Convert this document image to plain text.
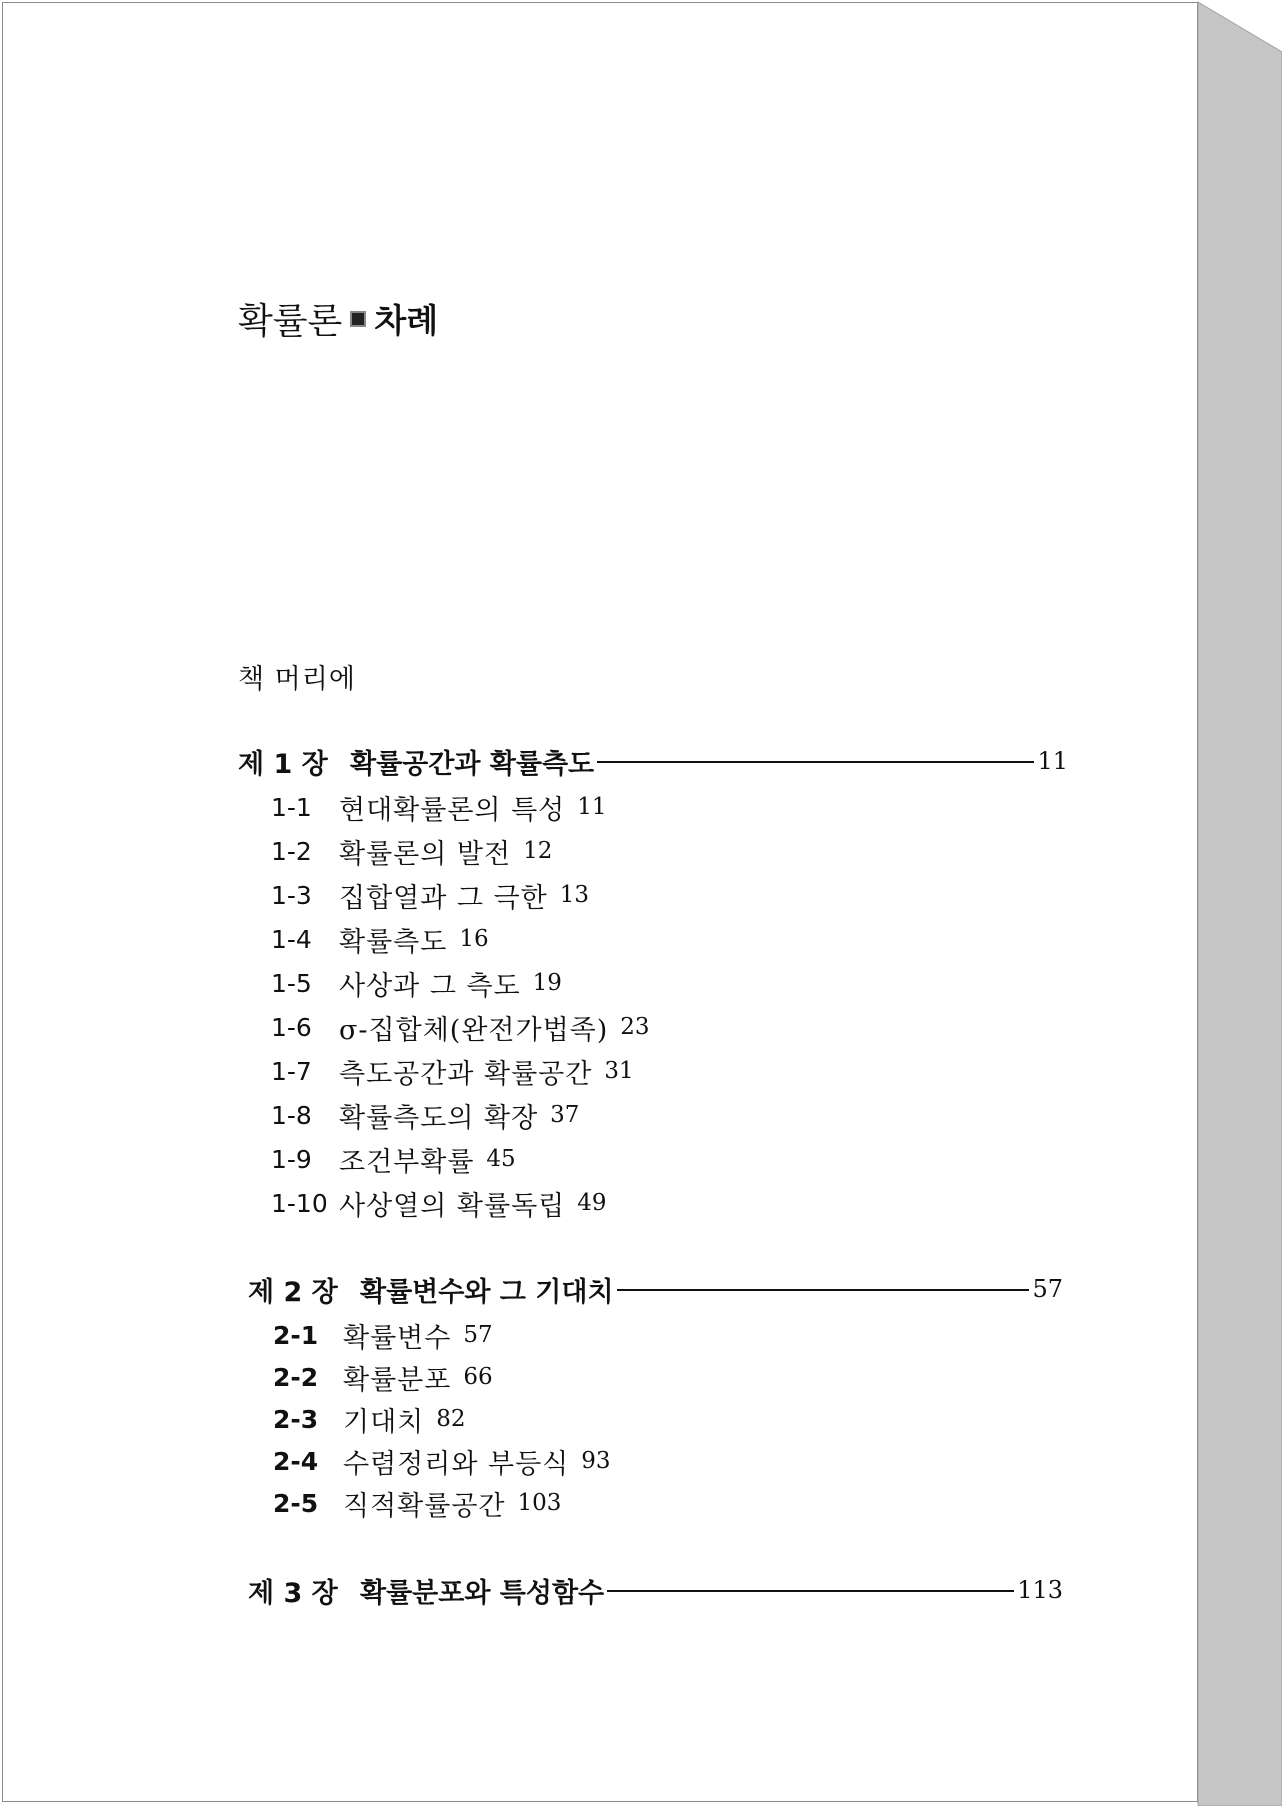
확률론 차례
책 머리에
제 1 장 확률공간과 확률측도	11
1-1	현대확률론의 특성 11
1-2	확률론의 발전 12
1-3	집합열과 그 극한 13
1-4	확률측도 16
1-5	사상과 그 측도 19
1-6	σ-집합체(완전가법족) 23
1-7	측도공간과 확률공간 31
1-8	확률측도의 확장 37
1-9	조건부확률 45
1-10 사상열의 확률독립 49
제 2 장 확률변수와 그 기대치	57
2-1 확률변수 57
2-2 확률분포 66
2-3 기대치 82
2-4 수렴정리와 부등식 93
2-5 직적확률공간 103
제 3 장 확률분포와 특성함수	113
